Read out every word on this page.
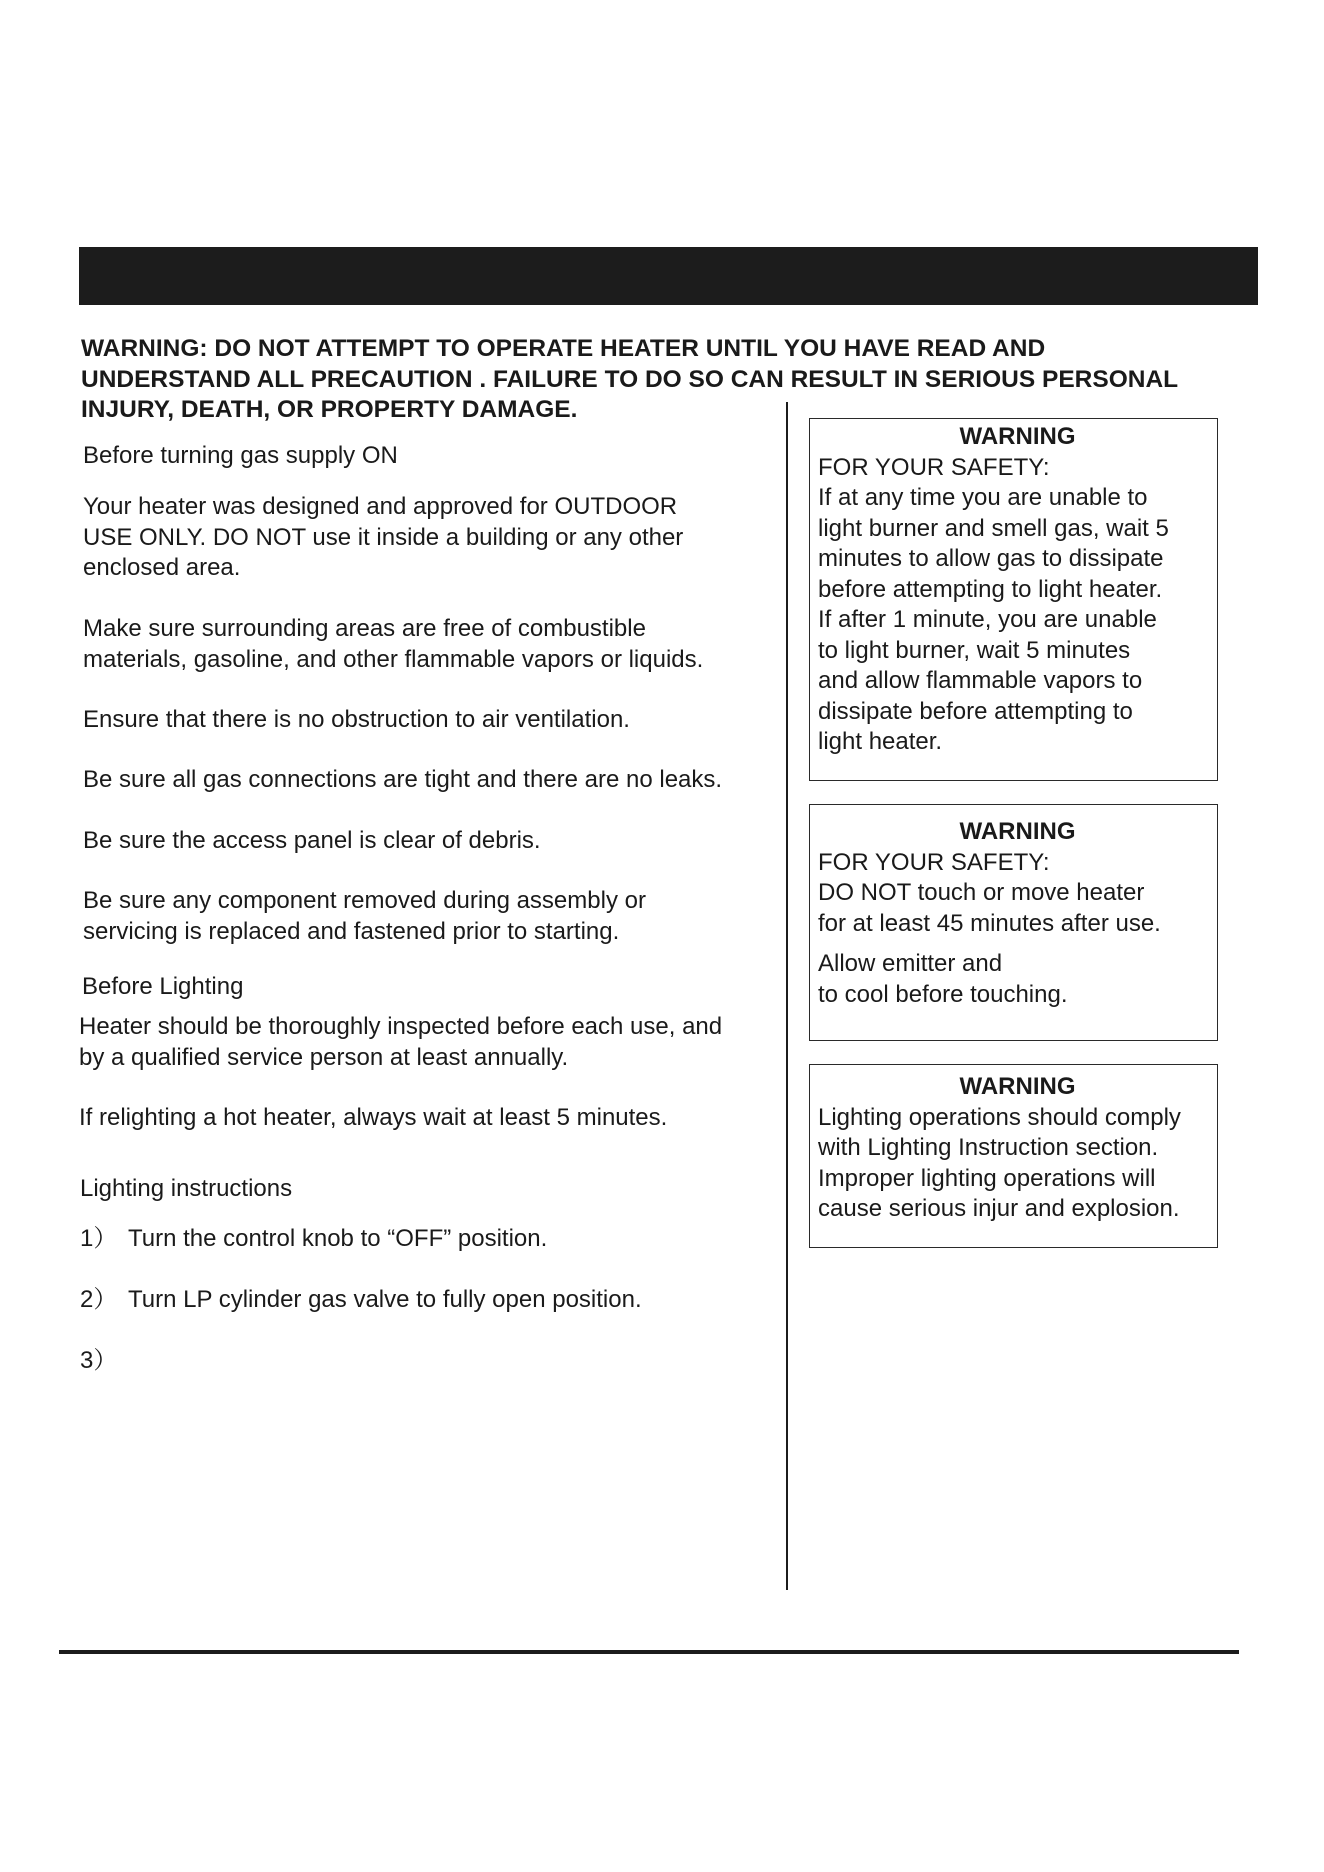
WARNING: DO NOT ATTEMPT TO OPERATE HEATER UNTIL YOU HAVE READ AND
UNDERSTAND ALL PRECAUTION . FAILURE TO DO SO CAN RESULT IN SERIOUS PERSONAL
INJURY, DEATH, OR PROPERTY DAMAGE.
Before turning gas supply ON
Your heater was designed and approved for OUTDOOR
USE ONLY. DO NOT use it inside a building or any other
enclosed area.
Make sure surrounding areas are free of combustible
materials, gasoline, and other flammable vapors or liquids.
Ensure that there is no obstruction to air ventilation.
Be sure all gas connections are tight and there are no leaks.
Be sure the access panel is clear of debris.
Be sure any component removed during assembly or
servicing is replaced and fastened prior to starting.
Before Lighting
Heater should be thoroughly inspected before each use, and
by a qualified service person at least annually.
If relighting a hot heater, always wait at least 5 minutes.
Lighting instructions
1） Turn the control knob to “OFF” position.
2） Turn LP cylinder gas valve to fully open position.
3）
WARNING
FOR YOUR SAFETY:
If at any time you are unable to
light burner and smell gas, wait 5
minutes to allow gas to dissipate
before attempting to light heater.
If after 1 minute, you are unable
to light burner, wait 5 minutes
and allow flammable vapors to
dissipate before attempting to
light heater.
WARNING
FOR YOUR SAFETY:
DO NOT touch or move heater
for at least 45 minutes after use.
Allow emitter and
to cool before touching.
WARNING
Lighting operations should comply
with Lighting Instruction section.
Improper lighting operations will
cause serious injur and explosion.
